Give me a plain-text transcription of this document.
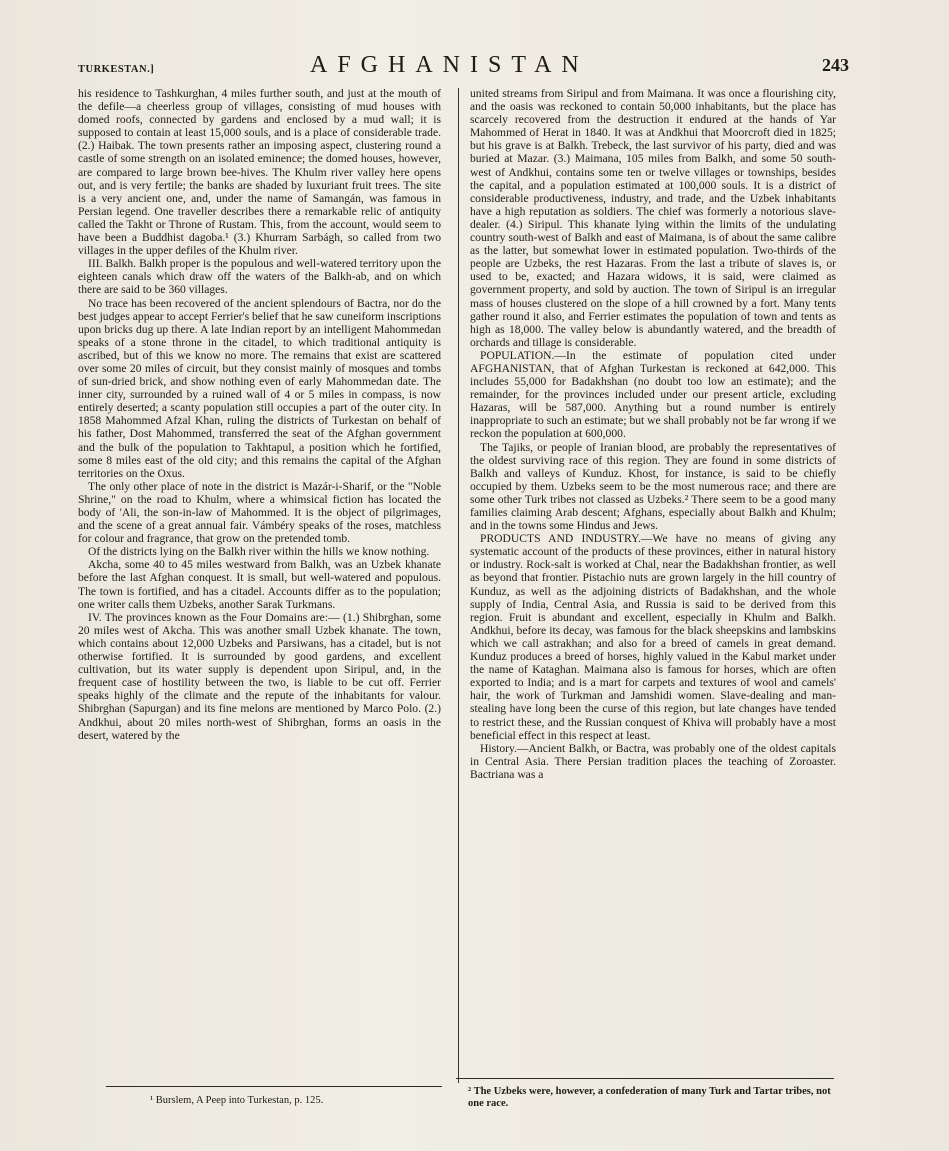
TURKESTAN.]	AFGHANISTAN	243

his residence to Tashkurghan, 4 miles further south, and just at the mouth of the defile—a cheerless group of villages, consisting of mud houses with domed roofs, connected by gardens and enclosed by a mud wall; it is supposed to contain at least 15,000 souls, and is a place of considerable trade. (2.) Haibak. The town presents rather an imposing aspect, clustering round a castle of some strength on an isolated eminence; the domed houses, however, are compared to large brown bee-hives. The Khulm river valley here opens out, and is very fertile; the banks are shaded by luxuriant fruit trees. The site is a very ancient one, and, under the name of Samangán, was famous in Persian legend. One traveller describes there a remarkable relic of antiquity called the Takht or Throne of Rustam. This, from the account, would seem to have been a Buddhist dagoba.¹ (3.) Khurram Sarbágh, so called from two villages in the upper defiles of the Khulm river.

III. Balkh. Balkh proper is the populous and well-watered territory upon the eighteen canals which draw off the waters of the Balkh-ab, and on which there are said to be 360 villages.

No trace has been recovered of the ancient splendours of Bactra, nor do the best judges appear to accept Ferrier's belief that he saw cuneiform inscriptions upon bricks dug up there. A late Indian report by an intelligent Mahommedan speaks of a stone throne in the citadel, to which traditional antiquity is ascribed, but of this we know no more. The remains that exist are scattered over some 20 miles of circuit, but they consist mainly of mosques and tombs of sun-dried brick, and show nothing even of early Mahommedan date. The inner city, surrounded by a ruined wall of 4 or 5 miles in compass, is now entirely deserted; a scanty population still occupies a part of the outer city. In 1858 Mahommed Afzal Khan, ruling the districts of Turkestan on behalf of his father, Dost Mahommed, transferred the seat of the Afghan government and the bulk of the population to Takhtapul, a position which he fortified, some 8 miles east of the old city; and this remains the capital of the Afghan territories on the Oxus.

The only other place of note in the district is Mazár-i-Sharif, or the "Noble Shrine," on the road to Khulm, where a whimsical fiction has located the body of 'Ali, the son-in-law of Mahommed. It is the object of pilgrimages, and the scene of a great annual fair. Vámbéry speaks of the roses, matchless for colour and fragrance, that grow on the pretended tomb.

Of the districts lying on the Balkh river within the hills we know nothing.

Akcha, some 40 to 45 miles westward from Balkh, was an Uzbek khanate before the last Afghan conquest. It is small, but well-watered and populous. The town is fortified, and has a citadel. Accounts differ as to the population; one writer calls them Uzbeks, another Sarak Turkmans.

IV. The provinces known as the Four Domains are:— (1.) Shibrghan, some 20 miles west of Akcha. This was another small Uzbek khanate. The town, which contains about 12,000 Uzbeks and Parsiwans, has a citadel, but is not otherwise fortified. It is surrounded by good gardens, and excellent cultivation, but its water supply is dependent upon Siripul, and, in the frequent case of hostility between the two, is liable to be cut off. Ferrier speaks highly of the climate and the repute of the inhabitants for valour. Shibrghan (Sapurgan) and its fine melons are mentioned by Marco Polo. (2.) Andkhui, about 20 miles north-west of Shibrghan, forms an oasis in the desert, watered by the

united streams from Siripul and from Maimana. It was once a flourishing city, and the oasis was reckoned to contain 50,000 inhabitants, but the place has scarcely recovered from the destruction it endured at the hands of Yar Mahommed of Herat in 1840. It was at Andkhui that Moorcroft died in 1825; but his grave is at Balkh. Trebeck, the last survivor of his party, died and was buried at Mazar. (3.) Maimana, 105 miles from Balkh, and some 50 south-west of Andkhui, contains some ten or twelve villages or townships, besides the capital, and a population estimated at 100,000 souls. It is a district of considerable productiveness, industry, and trade, and the Uzbek inhabitants have a high reputation as soldiers. The chief was formerly a notorious slave-dealer. (4.) Siripul. This khanate lying within the limits of the undulating country south-west of Balkh and east of Maimana, is of about the same calibre as the latter, but somewhat lower in estimated population. Two-thirds of the people are Uzbeks, the rest Hazaras. From the last a tribute of slaves is, or used to be, exacted; and Hazara widows, it is said, were claimed as government property, and sold by auction. The town of Siripul is an irregular mass of houses clustered on the slope of a hill crowned by a fort. Many tents gather round it also, and Ferrier estimates the population of town and tents as high as 18,000. The valley below is abundantly watered, and the breadth of orchards and tillage is considerable.

POPULATION.—In the estimate of population cited under AFGHANISTAN, that of Afghan Turkestan is reckoned at 642,000. This includes 55,000 for Badakhshan (no doubt too low an estimate); and the remainder, for the provinces included under our present article, excluding Hazaras, will be 587,000. Anything but a round number is entirely inappropriate to such an estimate; but we shall probably not be far wrong if we reckon the population at 600,000.

The Tajiks, or people of Iranian blood, are probably the representatives of the oldest surviving race of this region. They are found in some districts of Balkh and valleys of Kunduz. Khost, for instance, is said to be chiefly occupied by them. Uzbeks seem to be the most numerous race; and there are some other Turk tribes not classed as Uzbeks.² There seem to be a good many families claiming Arab descent; Afghans, especially about Balkh and Khulm; and in the towns some Hindus and Jews.

PRODUCTS AND INDUSTRY.—We have no means of giving any systematic account of the products of these provinces, either in natural history or industry. Rock-salt is worked at Chal, near the Badakhshan frontier, as well as beyond that frontier. Pistachio nuts are grown largely in the hill country of Kunduz, as well as the adjoining districts of Badakhshan, and the whole supply of India, Central Asia, and Russia is said to be derived from this region. Fruit is abundant and excellent, especially in Khulm and Balkh. Andkhui, before its decay, was famous for the black sheepskins and lambskins which we call astrakhan; and also for a breed of camels in great demand. Kunduz produces a breed of horses, highly valued in the Kabul market under the name of Kataghan. Maimana also is famous for horses, which are often exported to India; and is a mart for carpets and textures of wool and camels' hair, the work of Turkman and Jamshidi women. Slave-dealing and man-stealing have long been the curse of this region, but late changes have tended to restrict these, and the Russian conquest of Khiva will probably have a most beneficial effect in this respect at least.

History.—Ancient Balkh, or Bactra, was probably one of the oldest capitals in Central Asia. There Persian tradition places the teaching of Zoroaster. Bactriana was a

¹ Burslem, A Peep into Turkestan, p. 125.
² The Uzbeks were, however, a confederation of many Turk and Tartar tribes, not one race.
